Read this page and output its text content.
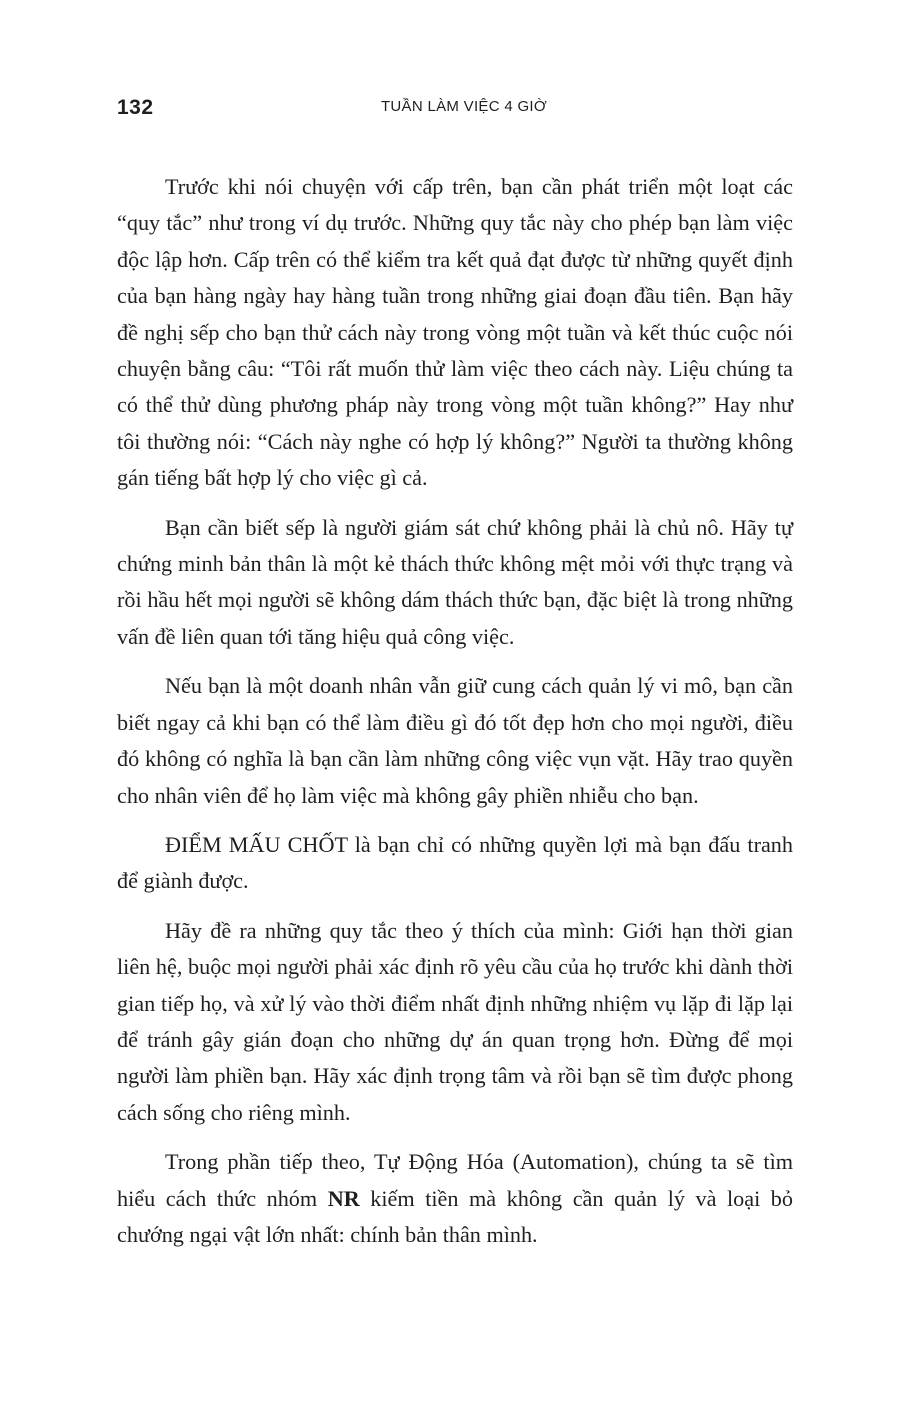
132	TUẦN LÀM VIỆC 4 GIỜ

Trước khi nói chuyện với cấp trên, bạn cần phát triển một loạt các “quy tắc” như trong ví dụ trước. Những quy tắc này cho phép bạn làm việc độc lập hơn. Cấp trên có thể kiểm tra kết quả đạt được từ những quyết định của bạn hàng ngày hay hàng tuần trong những giai đoạn đầu tiên. Bạn hãy đề nghị sếp cho bạn thử cách này trong vòng một tuần và kết thúc cuộc nói chuyện bằng câu: “Tôi rất muốn thử làm việc theo cách này. Liệu chúng ta có thể thử dùng phương pháp này trong vòng một tuần không?” Hay như tôi thường nói: “Cách này nghe có hợp lý không?” Người ta thường không gán tiếng bất hợp lý cho việc gì cả.

Bạn cần biết sếp là người giám sát chứ không phải là chủ nô. Hãy tự chứng minh bản thân là một kẻ thách thức không mệt mỏi với thực trạng và rồi hầu hết mọi người sẽ không dám thách thức bạn, đặc biệt là trong những vấn đề liên quan tới tăng hiệu quả công việc.

Nếu bạn là một doanh nhân vẫn giữ cung cách quản lý vi mô, bạn cần biết ngay cả khi bạn có thể làm điều gì đó tốt đẹp hơn cho mọi người, điều đó không có nghĩa là bạn cần làm những công việc vụn vặt. Hãy trao quyền cho nhân viên để họ làm việc mà không gây phiền nhiễu cho bạn.

ĐIỂM MẤU CHỐT là bạn chỉ có những quyền lợi mà bạn đấu tranh để giành được.

Hãy đề ra những quy tắc theo ý thích của mình: Giới hạn thời gian liên hệ, buộc mọi người phải xác định rõ yêu cầu của họ trước khi dành thời gian tiếp họ, và xử lý vào thời điểm nhất định những nhiệm vụ lặp đi lặp lại để tránh gây gián đoạn cho những dự án quan trọng hơn. Đừng để mọi người làm phiền bạn. Hãy xác định trọng tâm và rồi bạn sẽ tìm được phong cách sống cho riêng mình.

Trong phần tiếp theo, Tự Động Hóa (Automation), chúng ta sẽ tìm hiểu cách thức nhóm NR kiếm tiền mà không cần quản lý và loại bỏ chướng ngại vật lớn nhất: chính bản thân mình.
